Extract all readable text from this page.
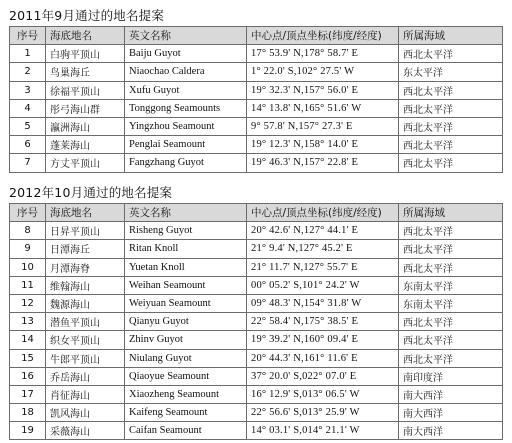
2011年9月通过的地名提案
序号	海底地名	英文名称	中心点/顶点坐标(纬度/经度)	所属海域
1	白驹平顶山	Baiju Guyot	17° 53.9' N,178° 58.7' E	西北太平洋
2	鸟巢海丘	Niaochao Caldera	1° 22.0' S,102° 27.5' W	东太平洋
3	徐福平顶山	Xufu Guyot	19° 32.3' N,157° 56.0' E	西北太平洋
4	彤弓海山群	Tonggong Seamounts	14° 13.8' N,165° 51.6' W	西北太平洋
5	瀛洲海山	Yingzhou Seamount	9° 57.8' N,157° 27.3' E	西北太平洋
6	蓬莱海山	Penglai Seamount	19° 12.3' N,158° 14.0' E	西北太平洋
7	方丈平顶山	Fangzhang Guyot	19° 46.3' N,157° 22.8' E	西北太平洋
2012年10月通过的地名提案
序号	海底地名	英文名称	中心点/顶点坐标(纬度/经度)	所属海域
8	日昇平顶山	Risheng Guyot	20° 42.6' N,127° 44.1' E	西北太平洋
9	日潭海丘	Ritan Knoll	21° 9.4' N,127° 45.2' E	西北太平洋
10	月潭海脊	Yuetan Knoll	21° 11.7' N,127° 55.7' E	西北太平洋
11	维翰海山	Weihan Seamount	00° 05.2' S,101° 24.2' W	东南太平洋
12	魏源海山	Weiyuan Seamount	09° 48.3' N,154° 31.8' W	东南太平洋
13	潜鱼平顶山	Qianyu Guyot	22° 58.4' N,175° 38.5' E	西北太平洋
14	织女平顶山	Zhinv Guyot	19° 39.2' N,160° 09.4' E	西北太平洋
15	牛郎平顶山	Niulang Guyot	20° 44.3' N,161° 11.6' E	西北太平洋
16	乔岳海山	Qiaoyue Seamount	37° 20.0' S,022° 07.0' E	南印度洋
17	肖征海山	Xiaozheng Seamount	16° 12.9' S,013° 06.5' W	南大西洋
18	凯风海山	Kaifeng Seamount	22° 56.6' S,013° 25.9' W	南大西洋
19	采薇海山	Caifan Seamount	14° 03.1' S,014° 21.1' W	南大西洋
